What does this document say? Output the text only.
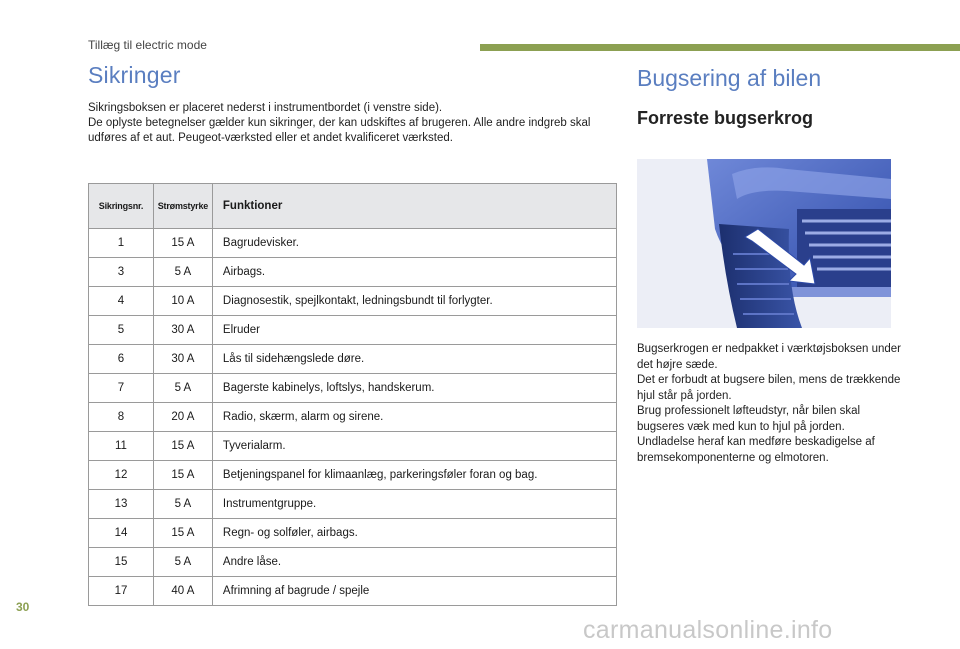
Tillæg til electric mode
Sikringer

Sikringsboksen er placeret nederst i instrumentbordet (i venstre side).

De oplyste betegnelser gælder kun sikringer, der kan udskiftes af brugeren. Alle andre indgreb skal udføres af et aut. Peugeot-værksted eller et andet kvalificeret værksted.

Sikringsnr.	Strømstyrke	Funktioner
1	15 A	Bagrudevisker.
3	5 A	Airbags.
4	10 A	Diagnosestik, spejlkontakt, ledningsbundt til forlygter.
5	30 A	Elruder
6	30 A	Lås til sidehængslede døre.
7	5 A	Bagerste kabinelys, loftslys, handskerum.
8	20 A	Radio, skærm, alarm og sirene.
11	15 A	Tyverialarm.
12	15 A	Betjeningspanel for klimaanlæg, parkeringsføler foran og bag.
13	5 A	Instrumentgruppe.
14	15 A	Regn- og solføler, airbags.
15	5 A	Andre låse.
17	40 A	Afrimning af bagrude / spejle
Bugsering af bilen
Forreste bugserkrog

Bugserkrogen er nedpakket i værktøjsboksen under det højre sæde.

Det er forbudt at bugsere bilen, mens de trækkende hjul står på jorden.

Brug professionelt løfteudstyr, når bilen skal bugseres væk med kun to hjul på jorden.

Undladelse heraf kan medføre beskadigelse af bremsekomponenterne og elmotoren.

30
carmanualsonline.info
